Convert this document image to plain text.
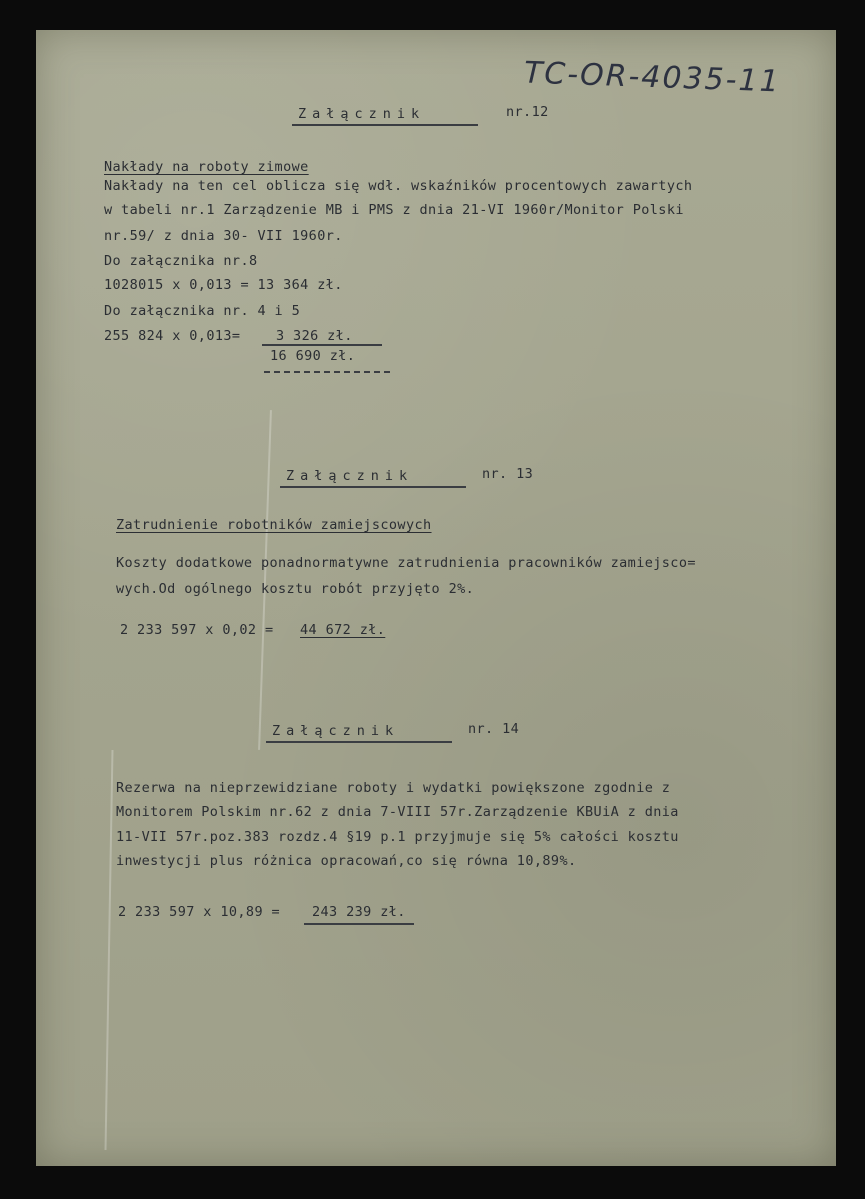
TC-OR-4035-11
Załącznik	nr.12
Nakłady na roboty zimowe
Nakłady na ten cel oblicza się wdł. wskaźników procentowych zawartych
w tabeli nr.1 Zarządzenie MB i PMS z dnia 21-VI 1960r/Monitor Polski
nr.59/ z dnia 30- VII 1960r.
Do załącznika nr.8
1028015 x 0,013 = 13 364 zł.
Do załącznika nr. 4 i 5
255 824 x 0,013=	3 326 zł.
16 690 zł.
Załącznik	nr. 13
Zatrudnienie robotników zamiejscowych
Koszty dodatkowe ponadnormatywne zatrudnienia pracowników zamiejsco=
wych.Od ogólnego kosztu robót przyjęto 2%.
2 233 597 x 0,02 = 44 672 zł.
Załącznik	nr. 14
Rezerwa na nieprzewidziane roboty i wydatki powiększone zgodnie z
Monitorem Polskim nr.62 z dnia 7-VIII 57r.Zarządzenie KBUiA z dnia
11-VII 57r.poz.383 rozdz.4 §19 p.1 przyjmuje się 5% całości kosztu
inwestycji plus różnica opracowań,co się równa 10,89%.
2 233 597 x 10,89 = 243 239 zł.
